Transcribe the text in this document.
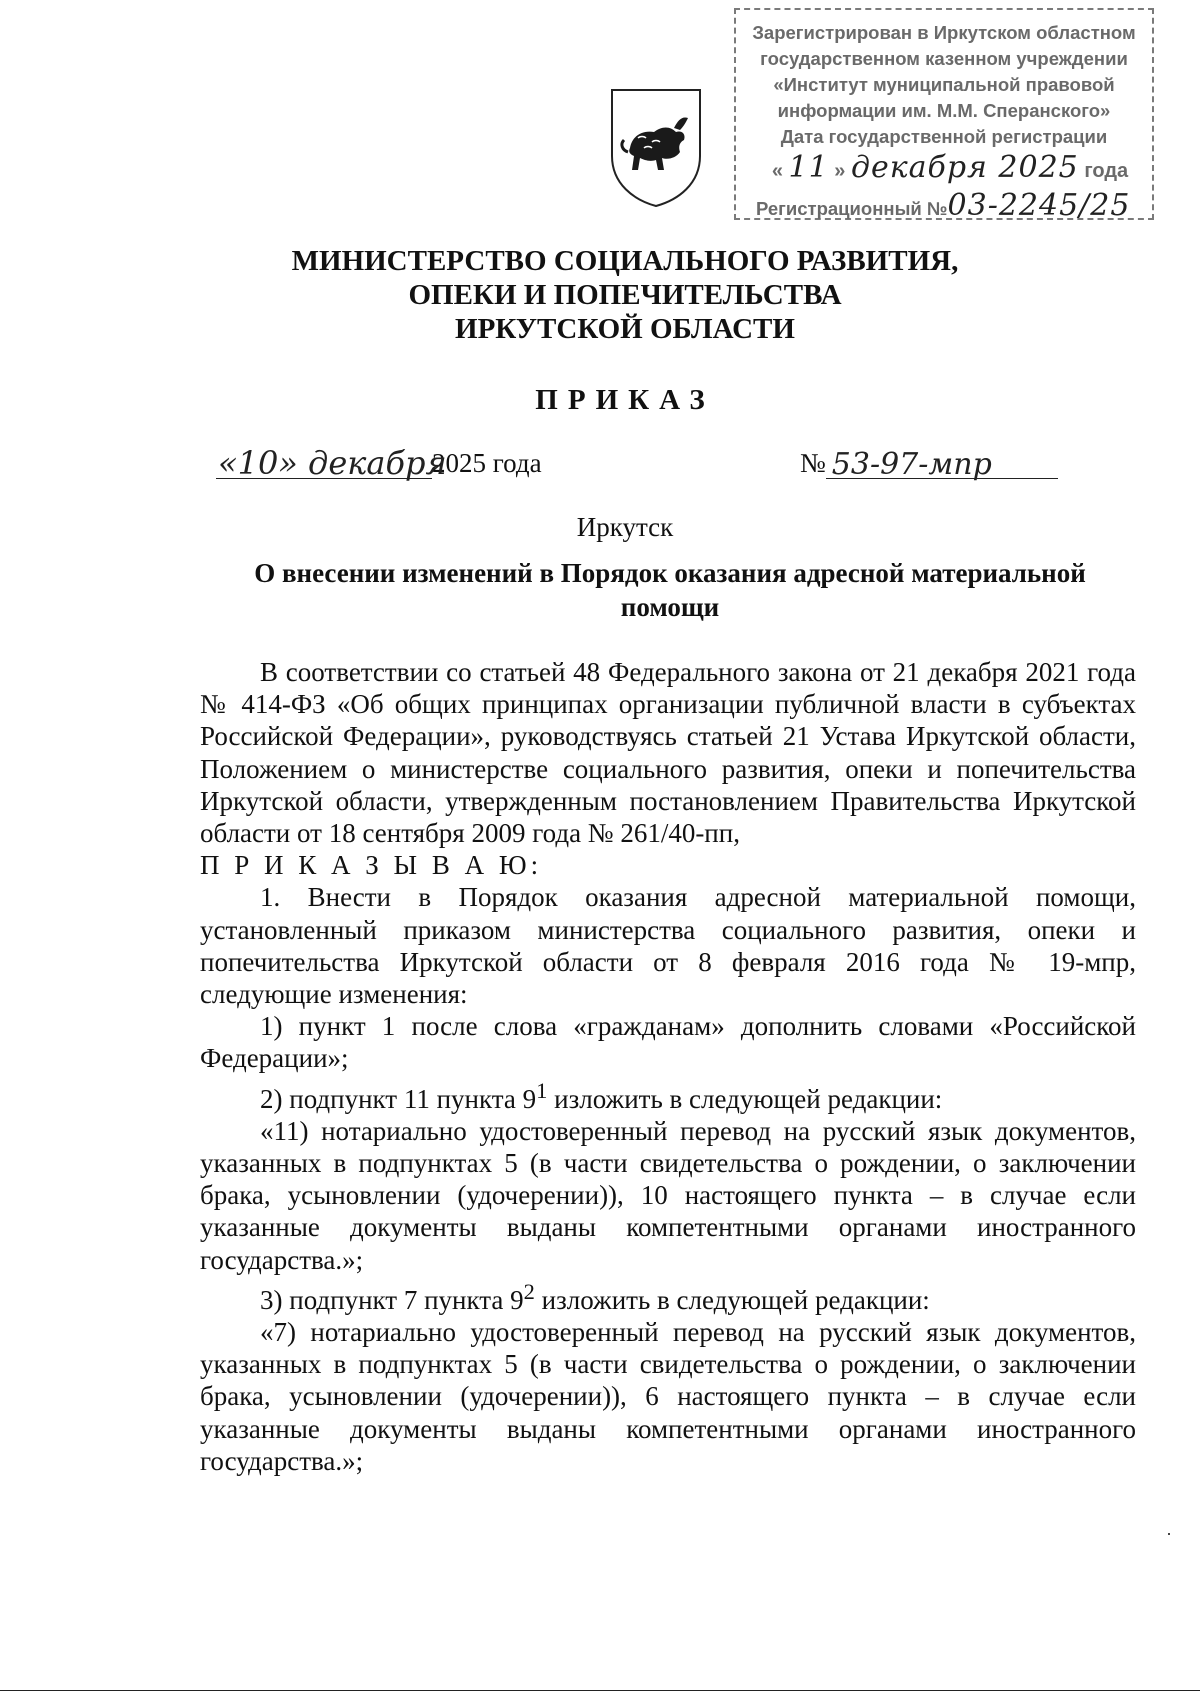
Зарегистрирован в Иркутском областном
государственном казенном учреждении
«Институт муниципальной правовой
информации им. М.М. Сперанского»
Дата государственной регистрации
« 11 » декабря 2025 года
Регистрационный №03-2245/25
МИНИСТЕРСТВО СОЦИАЛЬНОГО РАЗВИТИЯ,
ОПЕКИ И ПОПЕЧИТЕЛЬСТВА
ИРКУТСКОЙ ОБЛАСТИ
ПРИКАЗ
«10» декабря
2025 года	№ 53-97-мпр
Иркутск
О внесении изменений в Порядок оказания адресной материальной
помощи

В соответствии со статьей 48 Федерального закона от 21 декабря 2021 года № 414-ФЗ «Об общих принципах организации публичной власти в субъектах Российской Федерации», руководствуясь статьей 21 Устава Иркутской области, Положением о министерстве социального развития, опеки и попечительства Иркутской области, утвержденным постановлением Правительства Иркутской области от 18 сентября 2009 года № 261/40-пп,

П Р И К А З Ы В А Ю:

1. Внести в Порядок оказания адресной материальной помощи, установленный приказом министерства социального развития, опеки и попечительства Иркутской области от 8 февраля 2016 года № 19-мпр, следующие изменения:

1) пункт 1 после слова «гражданам» дополнить словами «Российской Федерации»;

2) подпункт 11 пункта $9^1$ изложить в следующей редакции:

«11) нотариально удостоверенный перевод на русский язык документов, указанных в подпунктах 5 (в части свидетельства о рождении, о заключении брака, усыновлении (удочерении)), 10 настоящего пункта – в случае если указанные документы выданы компетентными органами иностранного государства.»;

3) подпункт 7 пункта $9^2$ изложить в следующей редакции:

«7) нотариально удостоверенный перевод на русский язык документов, указанных в подпунктах 5 (в части свидетельства о рождении, о заключении брака, усыновлении (удочерении)), 6 настоящего пункта – в случае если указанные документы выданы компетентными органами иностранного государства.»;
